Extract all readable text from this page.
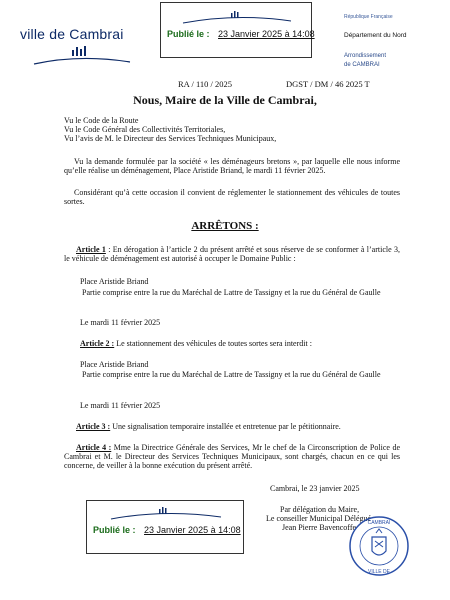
ville de Cambrai	Publié le : 23 Janvier 2025 à 14:08
République Française
Département du Nord
Arrondissement
de CAMBRAI
RA / 110 / 2025	DGST / DM / 46 2025 T
Nous, Maire de la Ville de Cambrai,
Vu le Code de la Route
Vu le Code Général des Collectivités Territoriales,
Vu l’avis de M. le Directeur des Services Techniques Municipaux,
Vu la demande formulée par la société « les déménageurs bretons », par laquelle elle nous informe qu’elle réalise un déménagement, Place Aristide Briand, le mardi 11 février 2025.
Considérant qu’à cette occasion il convient de réglementer le stationnement des véhicules de toutes sortes.
ARRÊTONS :
Article 1 : En dérogation à l’article 2 du présent arrêté et sous réserve de se conformer à l’article 3, le véhicule de déménagement est autorisé à occuper le Domaine Public :
Place Aristide Briand
Partie comprise entre la rue du Maréchal de Lattre de Tassigny et la rue du Général de Gaulle
Le mardi 11 février 2025
Article 2 : Le stationnement des véhicules de toutes sortes sera interdit :
Place Aristide Briand
Partie comprise entre la rue du Maréchal de Lattre de Tassigny et la rue du Général de Gaulle
Le mardi 11 février 2025
Article 3 : Une signalisation temporaire installée et entretenue par le pétitionnaire.
Article 4 : Mme la Directrice Générale des Services, Mr le chef de la Circonscription de Police de Cambrai et M. le Directeur des Services Techniques Municipaux, sont chargés, chacun en ce qui les concerne, de veiller à la bonne exécution du présent arrêté.
Cambrai, le 23 janvier 2025
Par délégation du Maire,
Le conseiller Municipal Délégué
Jean Pierre Bavencoffe
Publié le : 23 Janvier 2025 à 14:08
CAMBRAI
VILLE DE
